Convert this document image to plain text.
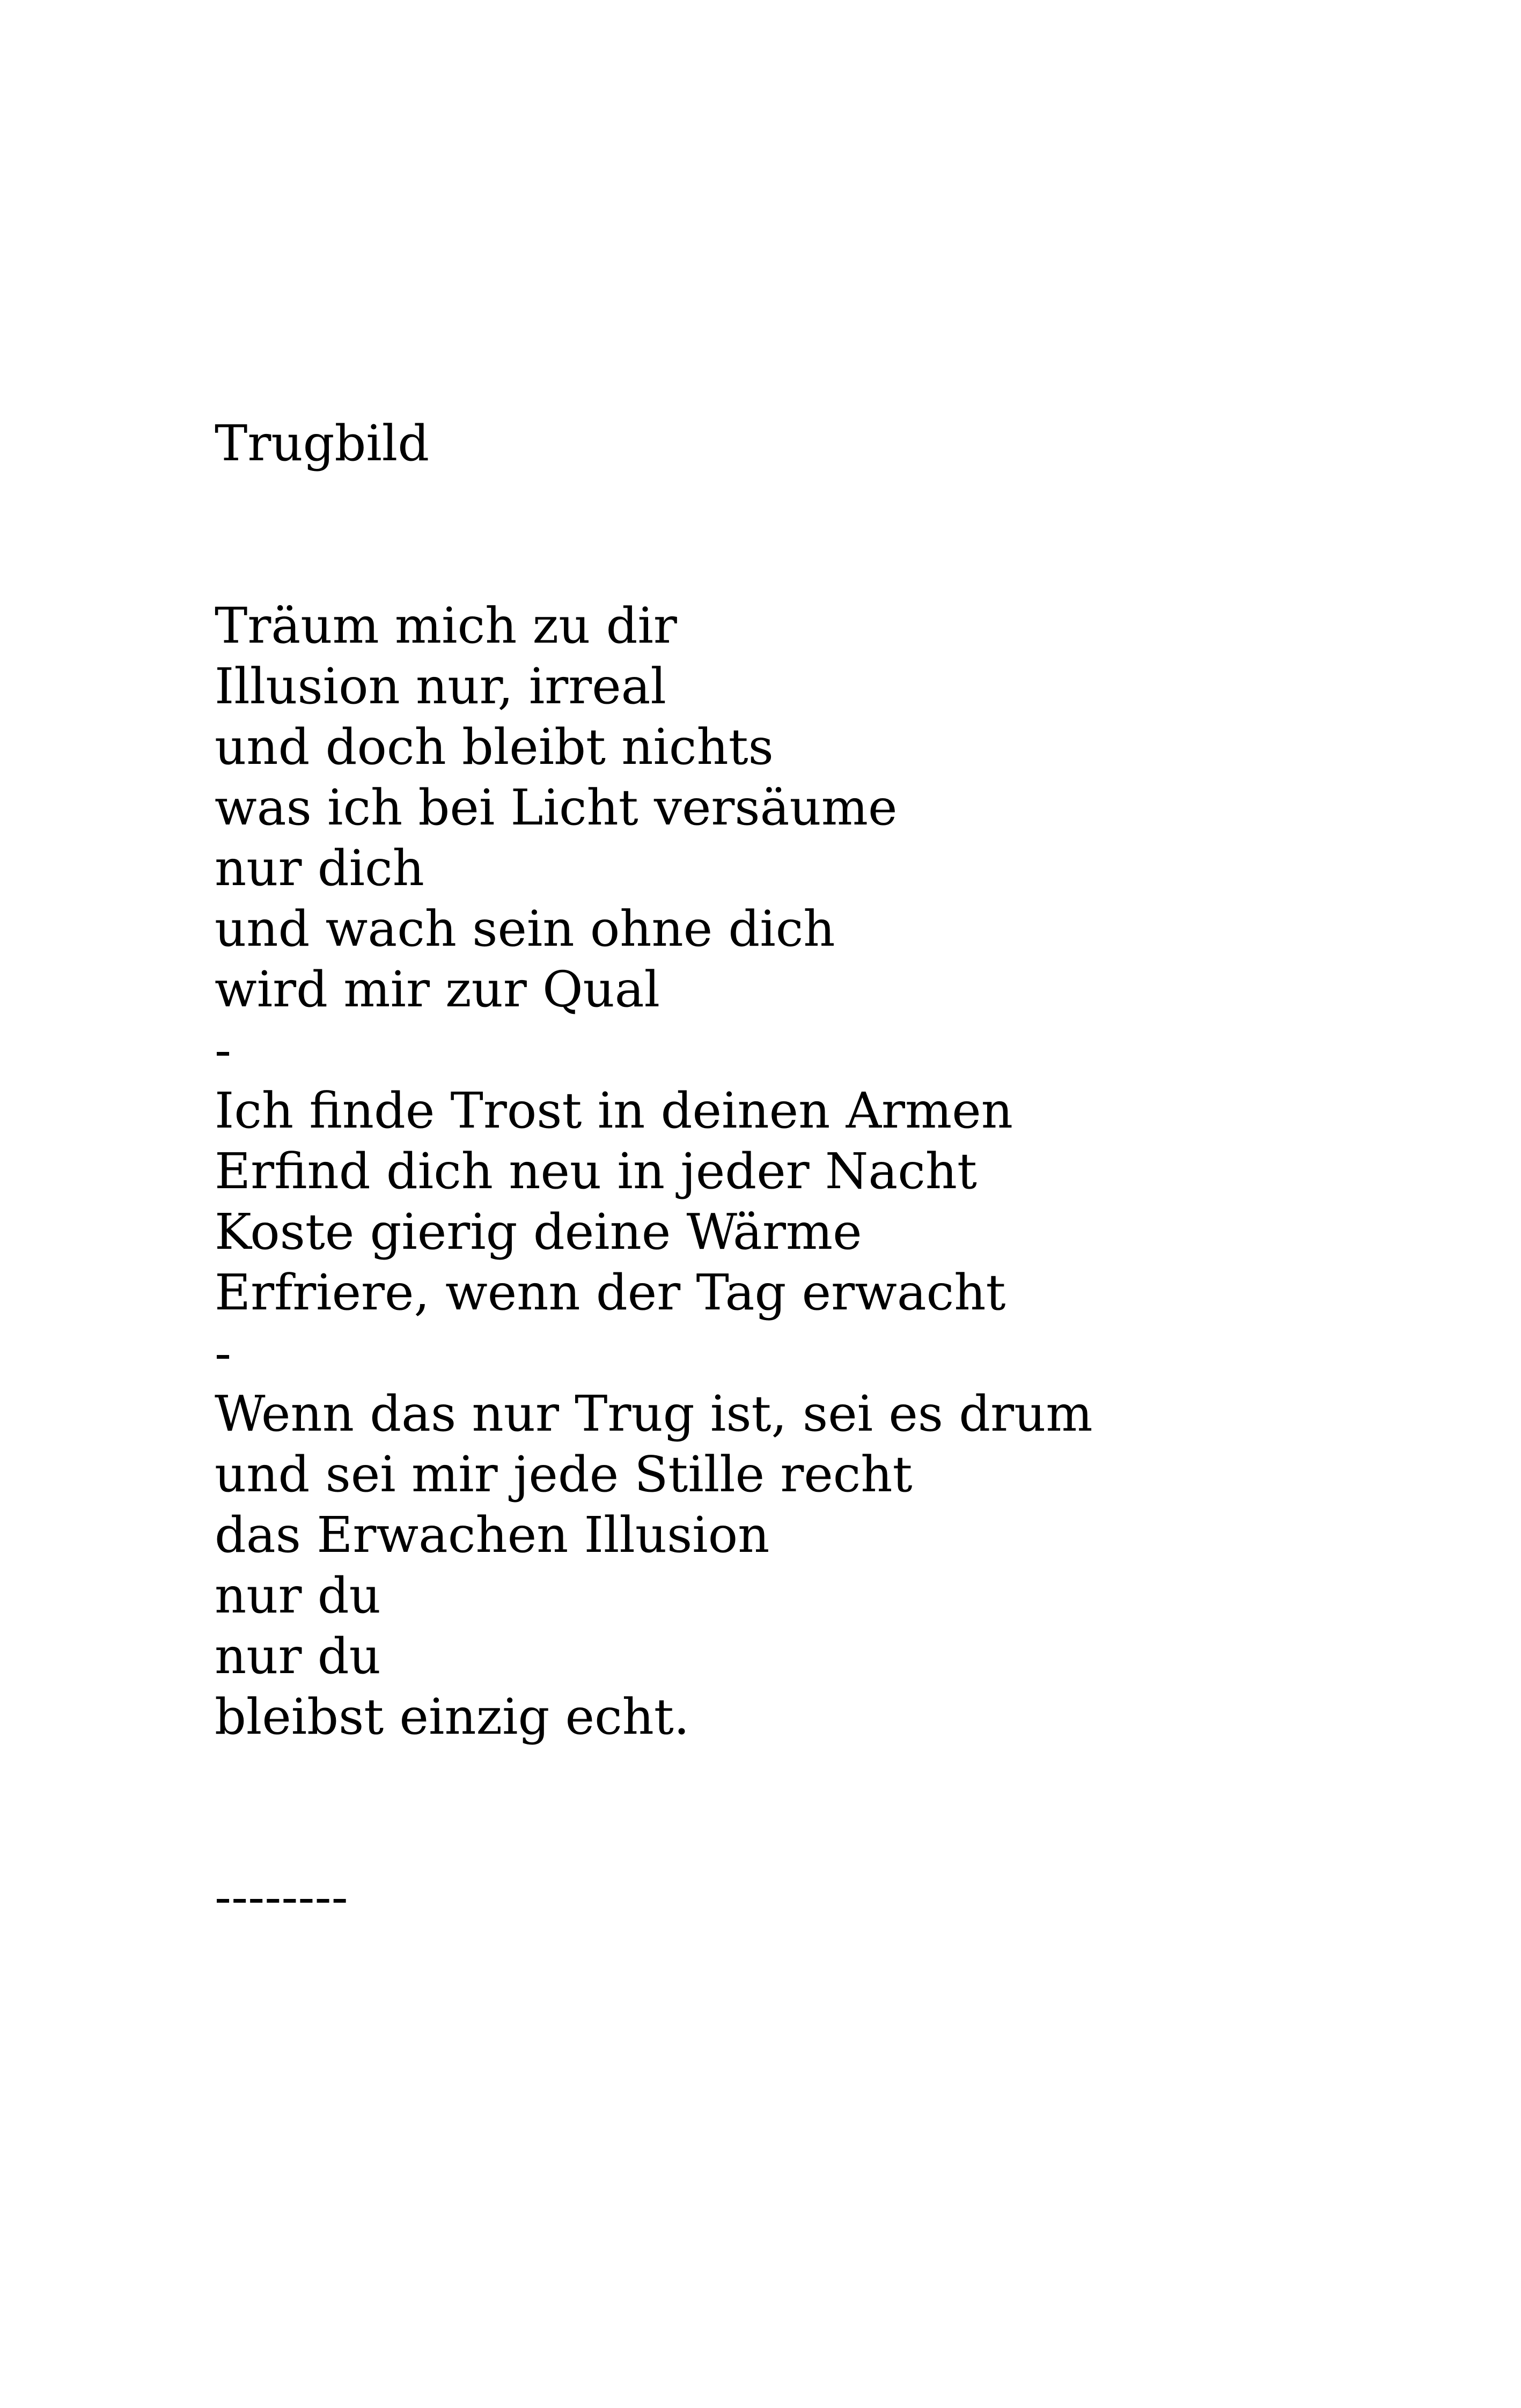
Trugbild
Träum mich zu dir
Illusion nur, irreal
und doch bleibt nichts
was ich bei Licht versäume
nur dich
und wach sein ohne dich
wird mir zur Qual
-
Ich finde Trost in deinen Armen
Erfind dich neu in jeder Nacht
Koste gierig deine Wärme
Erfriere, wenn der Tag erwacht
-
Wenn das nur Trug ist, sei es drum
und sei mir jede Stille recht
das Erwachen Illusion
nur du
nur du
bleibst einzig echt.
--------
